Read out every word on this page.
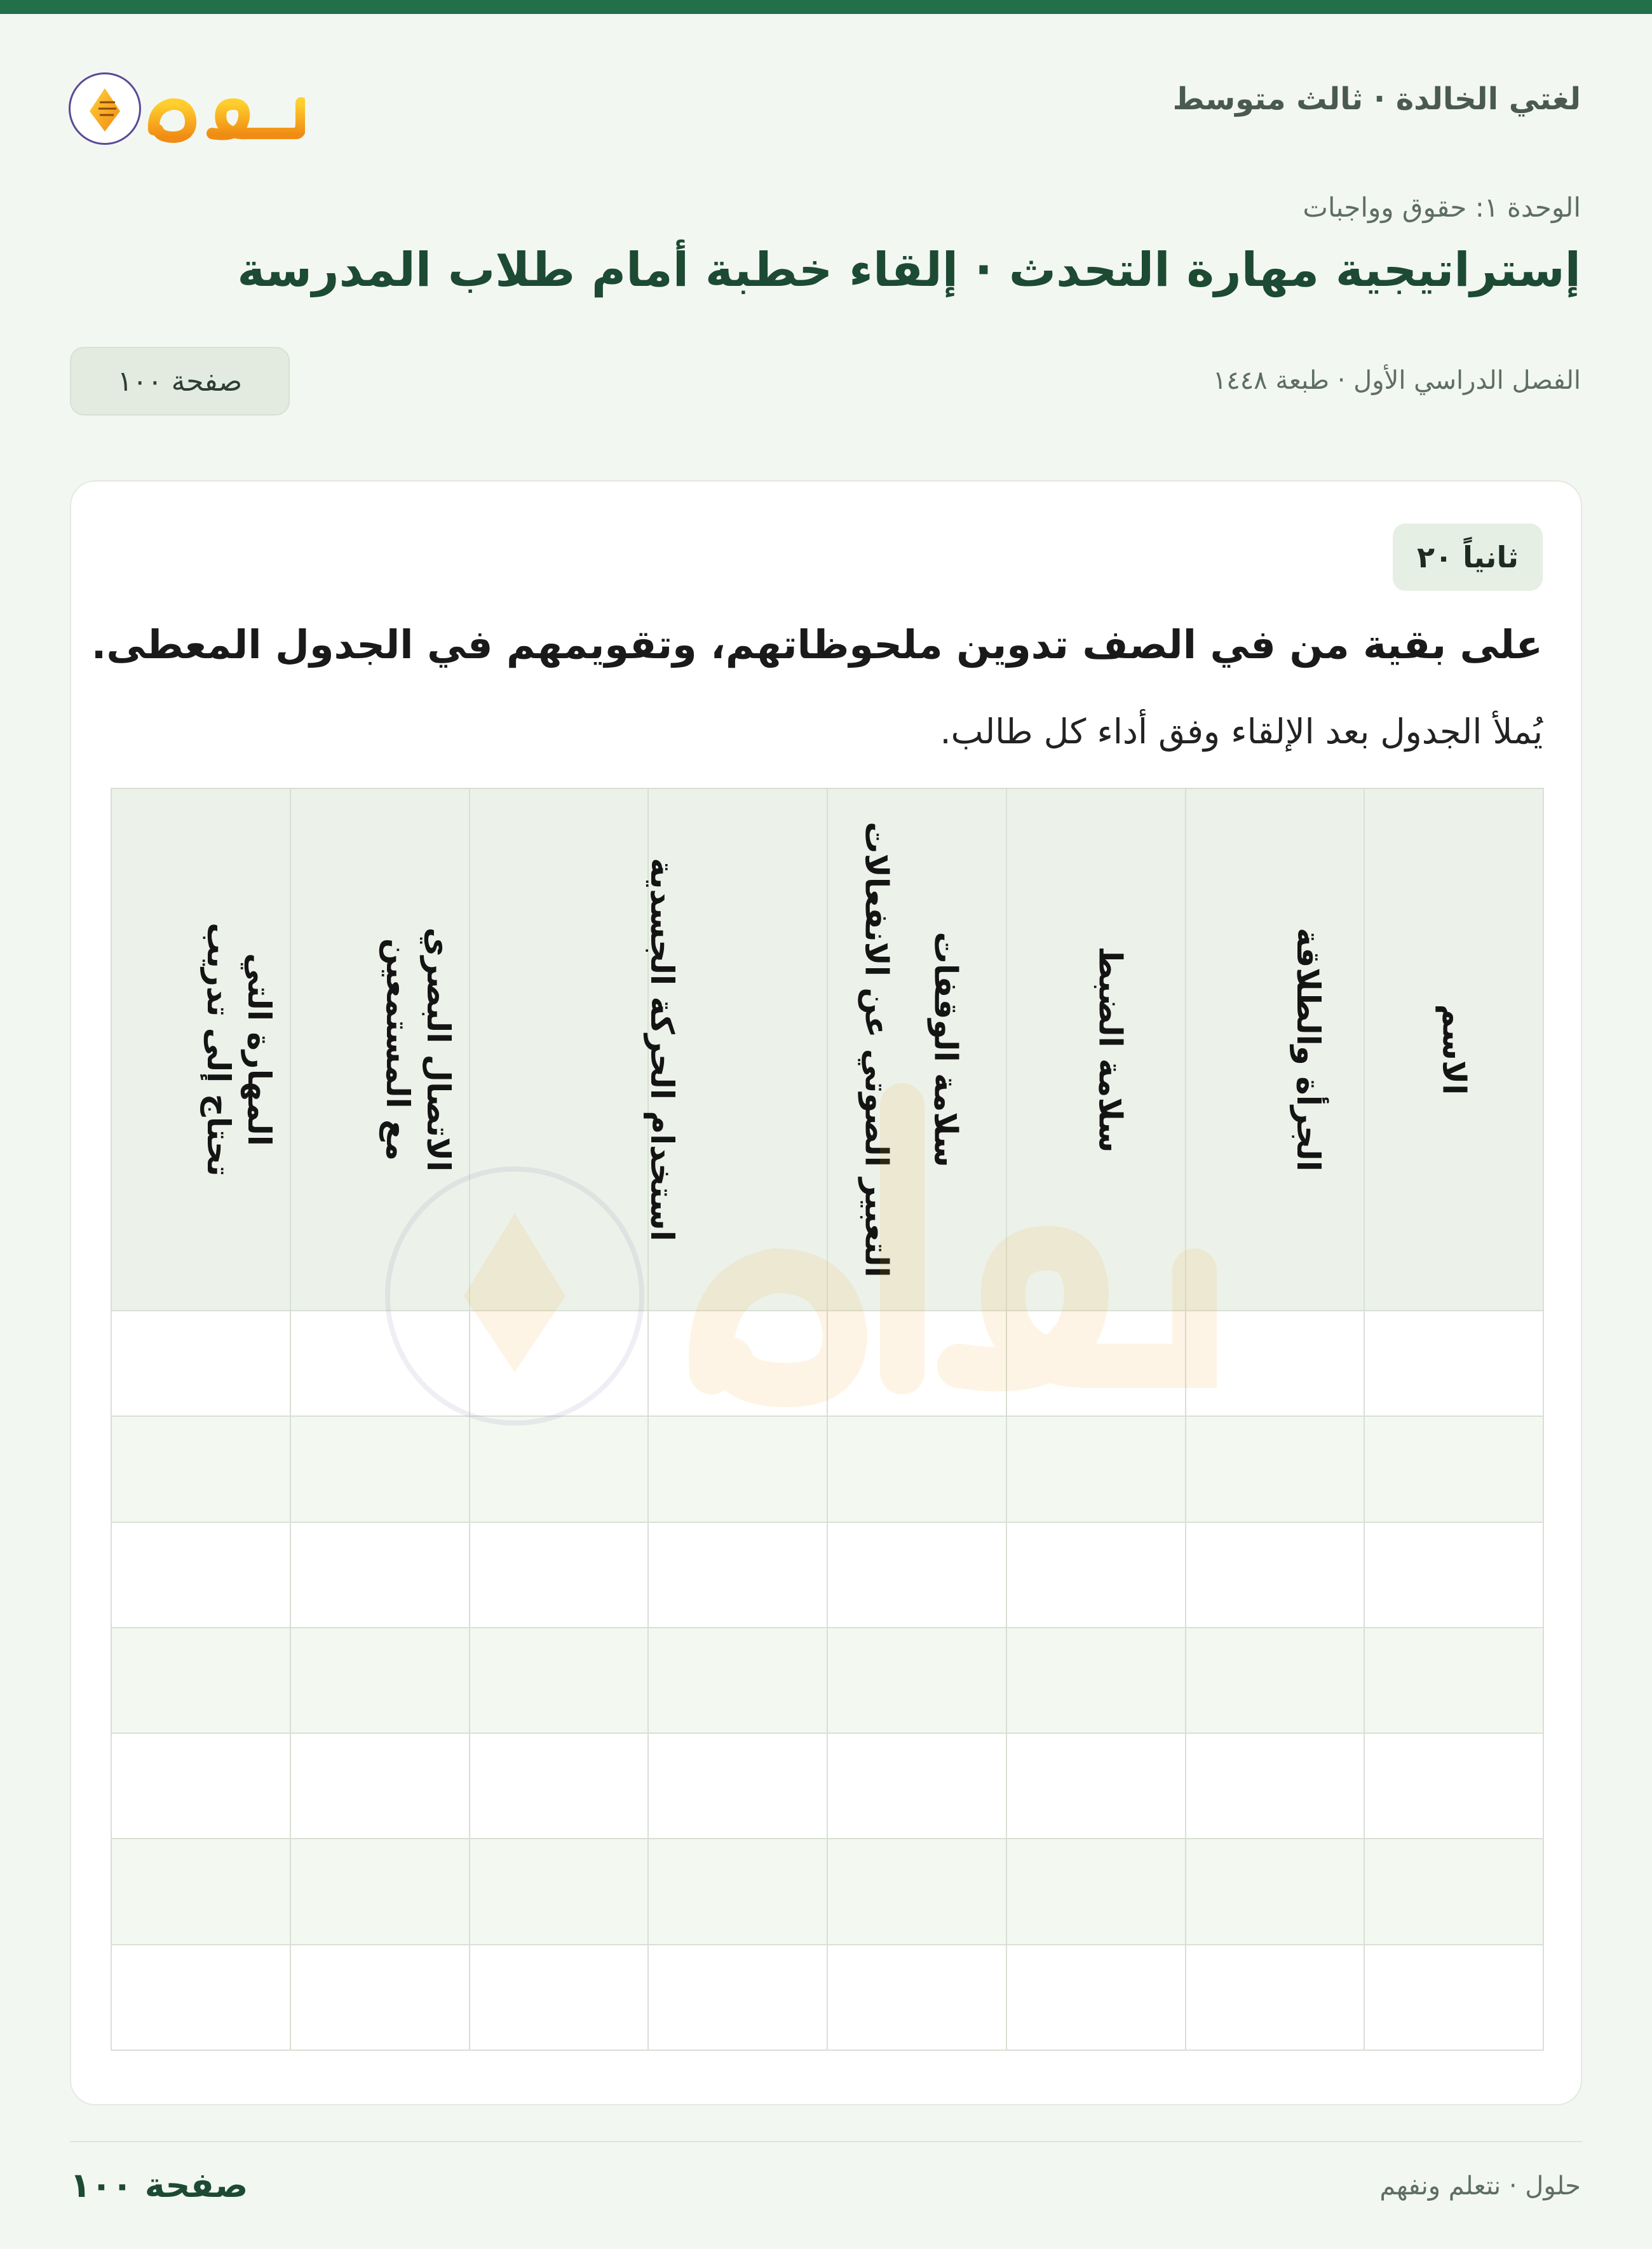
لغتي الخالدة · ثالث متوسط
الوحدة ١: حقوق وواجبات
إستراتيجية مهارة التحدث · إلقاء خطبة أمام طلاب المدرسة
الفصل الدراسي الأول · طبعة ١٤٤٨
صفحة ١٠٠
ثانياً ٢٠
على بقية من في الصف تدوين ملحوظاتهم، وتقويمهم في الجدول المعطى.
يُملأ الجدول بعد الإلقاء وفق أداء كل طالب.
المهارة التي تحتاج إلى تدريب	الاتصال البصري مع المستمعين	استخدام الحركة الجسدية	التعبير الصوتي عن الانفعالات	سلامة الوقفات	سلامة الضبط	الجرأة والطلاقة	الاسم

صفحة ١٠٠	حلول · نتعلم ونفهم
